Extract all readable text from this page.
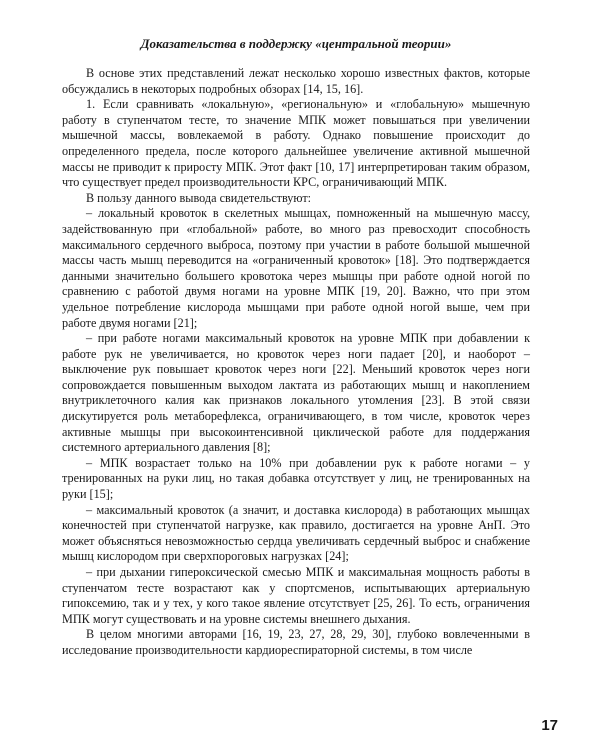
Доказательства в поддержку «центральной теории»

В основе этих представлений лежат несколько хорошо известных фактов, которые обсуждались в некоторых подробных обзорах [14, 15, 16].

1. Если сравнивать «локальную», «региональную» и «глобальную» мышечную работу в ступенчатом тесте, то значение МПК может повышаться при увеличении мышечной массы, вовлекаемой в работу. Однако повышение происходит до определенного предела, после которого дальнейшее увеличение активной мышечной массы не приводит к приросту МПК. Этот факт [10, 17] интерпретирован таким образом, что существует предел производительности КРС, ограничивающий МПК.

В пользу данного вывода свидетельствуют:

– локальный кровоток в скелетных мышцах, помноженный на мышечную массу, задействованную при «глобальной» работе, во много раз превосходит способность максимального сердечного выброса, поэтому при участии в работе большой мышечной массы часть мышц переводится на «ограниченный кровоток» [18]. Это подтверждается данными значительно большего кровотока через мышцы при работе одной ногой по сравнению с работой двумя ногами на уровне МПК [19, 20]. Важно, что при этом удельное потребление кислорода мышцами при работе одной ногой выше, чем при работе двумя ногами [21];

– при работе ногами максимальный кровоток на уровне МПК при добавлении к работе рук не увеличивается, но кровоток через ноги падает [20], и наоборот – выключение рук повышает кровоток через ноги [22]. Меньший кровоток через ноги сопровождается повышенным выходом лактата из работающих мышц и накоплением внутриклеточного калия как признаков локального утомления [23]. В этой связи дискутируется роль метаборефлекса, ограничивающего, в том числе, кровоток через активные мышцы при высокоинтенсивной циклической работе для поддержания системного артериального давления [8];

– МПК возрастает только на 10% при добавлении рук к работе ногами – у тренированных на руки лиц, но такая добавка отсутствует у лиц, не тренированных на руки [15];

– максимальный кровоток (а значит, и доставка кислорода) в работающих мышцах конечностей при ступенчатой нагрузке, как правило, достигается на уровне АнП. Это может объясняться невозможностью сердца увеличивать сердечный выброс и снабжение мышц кислородом при сверхпороговых нагрузках [24];

– при дыхании гипероксической смесью МПК и максимальная мощность работы в ступенчатом тесте возрастают как у спортсменов, испытывающих артериальную гипоксемию, так и у тех, у кого такое явление отсутствует [25, 26]. То есть, ограничения МПК могут существовать и на уровне системы внешнего дыхания.

В целом многими авторами [16, 19, 23, 27, 28, 29, 30], глубоко вовлеченными в исследование производительности кардиореспираторной системы, в том числе

17
